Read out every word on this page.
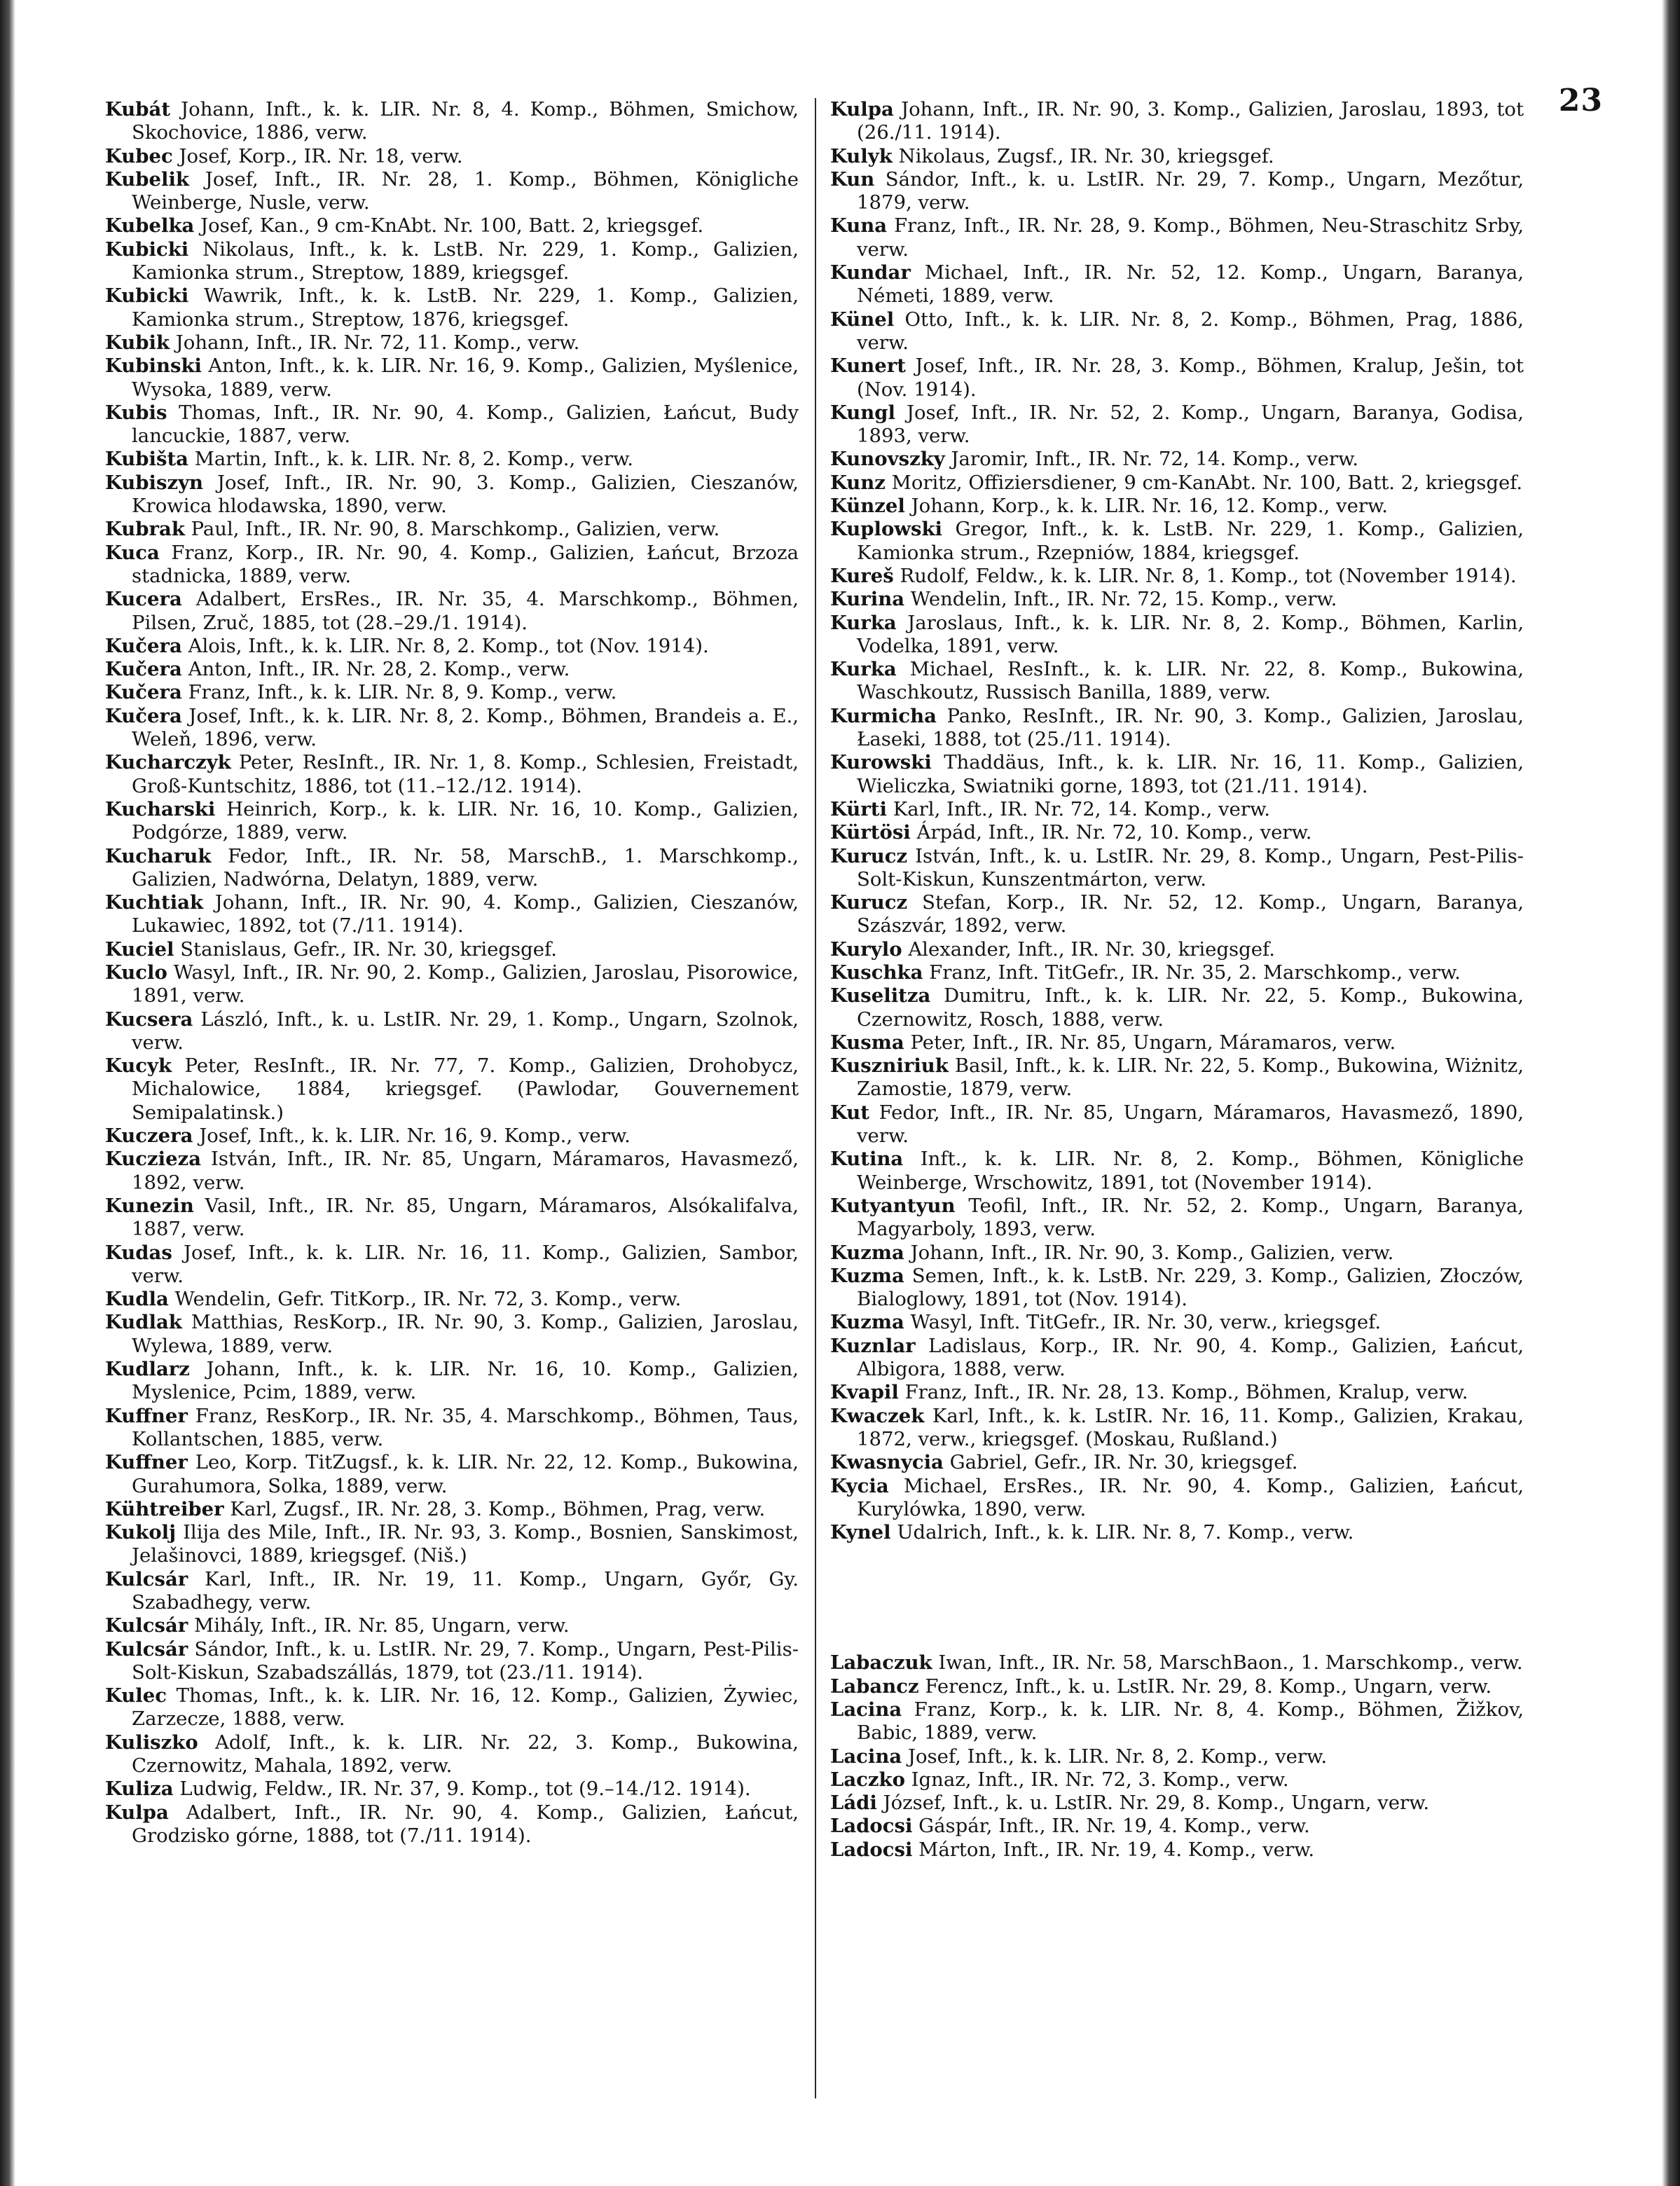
23

Kubát Johann, Inft., k. k. LIR. Nr. 8, 4. Komp., Böhmen, Smichow, Skochovice, 1886, verw.

Kubec Josef, Korp., IR. Nr. 18, verw.

Kubelik Josef, Inft., IR. Nr. 28, 1. Komp., Böhmen, Königliche Weinberge, Nusle, verw.

Kubelka Josef, Kan., 9 cm-KnAbt. Nr. 100, Batt. 2, kriegsgef.

Kubicki Nikolaus, Inft., k. k. LstB. Nr. 229, 1. Komp., Galizien, Kamionka strum., Streptow, 1889, kriegsgef.

Kubicki Wawrik, Inft., k. k. LstB. Nr. 229, 1. Komp., Galizien, Kamionka strum., Streptow, 1876, kriegsgef.

Kubik Johann, Inft., IR. Nr. 72, 11. Komp., verw.

Kubinski Anton, Inft., k. k. LIR. Nr. 16, 9. Komp., Galizien, Myślenice, Wysoka, 1889, verw.

Kubis Thomas, Inft., IR. Nr. 90, 4. Komp., Galizien, Łańcut, Budy lancuckie, 1887, verw.

Kubišta Martin, Inft., k. k. LIR. Nr. 8, 2. Komp., verw.

Kubiszyn Josef, Inft., IR. Nr. 90, 3. Komp., Galizien, Cieszanów, Krowica hlodawska, 1890, verw.

Kubrak Paul, Inft., IR. Nr. 90, 8. Marschkomp., Galizien, verw.

Kuca Franz, Korp., IR. Nr. 90, 4. Komp., Galizien, Łańcut, Brzoza stadnicka, 1889, verw.

Kucera Adalbert, ErsRes., IR. Nr. 35, 4. Marschkomp., Böhmen, Pilsen, Zruč, 1885, tot (28.–29./1. 1914).

Kučera Alois, Inft., k. k. LIR. Nr. 8, 2. Komp., tot (Nov. 1914).

Kučera Anton, Inft., IR. Nr. 28, 2. Komp., verw.

Kučera Franz, Inft., k. k. LIR. Nr. 8, 9. Komp., verw.

Kučera Josef, Inft., k. k. LIR. Nr. 8, 2. Komp., Böhmen, Brandeis a. E., Weleň, 1896, verw.

Kucharczyk Peter, ResInft., IR. Nr. 1, 8. Komp., Schlesien, Freistadt, Groß-Kuntschitz, 1886, tot (11.–12./12. 1914).

Kucharski Heinrich, Korp., k. k. LIR. Nr. 16, 10. Komp., Galizien, Podgórze, 1889, verw.

Kucharuk Fedor, Inft., IR. Nr. 58, MarschB., 1. Marschkomp., Galizien, Nadwórna, Delatyn, 1889, verw.

Kuchtiak Johann, Inft., IR. Nr. 90, 4. Komp., Galizien, Cieszanów, Lukawiec, 1892, tot (7./11. 1914).

Kuciel Stanislaus, Gefr., IR. Nr. 30, kriegsgef.

Kuclo Wasyl, Inft., IR. Nr. 90, 2. Komp., Galizien, Jaroslau, Pisorowice, 1891, verw.

Kucsera László, Inft., k. u. LstIR. Nr. 29, 1. Komp., Ungarn, Szolnok, verw.

Kucyk Peter, ResInft., IR. Nr. 77, 7. Komp., Galizien, Drohobycz, Michalowice, 1884, kriegsgef. (Pawlodar, Gouvernement Semipalatinsk.)

Kuczera Josef, Inft., k. k. LIR. Nr. 16, 9. Komp., verw.

Kuczieza István, Inft., IR. Nr. 85, Ungarn, Máramaros, Havasmező, 1892, verw.

Kunezin Vasil, Inft., IR. Nr. 85, Ungarn, Máramaros, Alsókalifalva, 1887, verw.

Kudas Josef, Inft., k. k. LIR. Nr. 16, 11. Komp., Galizien, Sambor, verw.

Kudla Wendelin, Gefr. TitKorp., IR. Nr. 72, 3. Komp., verw.

Kudlak Matthias, ResKorp., IR. Nr. 90, 3. Komp., Galizien, Jaroslau, Wylewa, 1889, verw.

Kudlarz Johann, Inft., k. k. LIR. Nr. 16, 10. Komp., Galizien, Myslenice, Pcim, 1889, verw.

Kuffner Franz, ResKorp., IR. Nr. 35, 4. Marschkomp., Böhmen, Taus, Kollantschen, 1885, verw.

Kuffner Leo, Korp. TitZugsf., k. k. LIR. Nr. 22, 12. Komp., Bukowina, Gurahumora, Solka, 1889, verw.

Kühtreiber Karl, Zugsf., IR. Nr. 28, 3. Komp., Böhmen, Prag, verw.

Kukolj Ilija des Mile, Inft., IR. Nr. 93, 3. Komp., Bosnien, Sanskimost, Jelašinovci, 1889, kriegsgef. (Niš.)

Kulcsár Karl, Inft., IR. Nr. 19, 11. Komp., Ungarn, Győr, Gy. Szabadhegy, verw.

Kulcsár Mihály, Inft., IR. Nr. 85, Ungarn, verw.

Kulcsár Sándor, Inft., k. u. LstIR. Nr. 29, 7. Komp., Ungarn, Pest-Pilis-Solt-Kiskun, Szabadszállás, 1879, tot (23./11. 1914).

Kulec Thomas, Inft., k. k. LIR. Nr. 16, 12. Komp., Galizien, Żywiec, Zarzecze, 1888, verw.

Kuliszko Adolf, Inft., k. k. LIR. Nr. 22, 3. Komp., Bukowina, Czernowitz, Mahala, 1892, verw.

Kuliza Ludwig, Feldw., IR. Nr. 37, 9. Komp., tot (9.–14./12. 1914).

Kulpa Adalbert, Inft., IR. Nr. 90, 4. Komp., Galizien, Łańcut, Grodzisko górne, 1888, tot (7./11. 1914).

Kulpa Johann, Inft., IR. Nr. 90, 3. Komp., Galizien, Jaroslau, 1893, tot (26./11. 1914).

Kulyk Nikolaus, Zugsf., IR. Nr. 30, kriegsgef.

Kun Sándor, Inft., k. u. LstIR. Nr. 29, 7. Komp., Ungarn, Mezőtur, 1879, verw.

Kuna Franz, Inft., IR. Nr. 28, 9. Komp., Böhmen, Neu-Straschitz Srby, verw.

Kundar Michael, Inft., IR. Nr. 52, 12. Komp., Ungarn, Baranya, Németi, 1889, verw.

Künel Otto, Inft., k. k. LIR. Nr. 8, 2. Komp., Böhmen, Prag, 1886, verw.

Kunert Josef, Inft., IR. Nr. 28, 3. Komp., Böhmen, Kralup, Ješin, tot (Nov. 1914).

Kungl Josef, Inft., IR. Nr. 52, 2. Komp., Ungarn, Baranya, Godisa, 1893, verw.

Kunovszky Jaromir, Inft., IR. Nr. 72, 14. Komp., verw.

Kunz Moritz, Offiziersdiener, 9 cm-KanAbt. Nr. 100, Batt. 2, kriegsgef.

Künzel Johann, Korp., k. k. LIR. Nr. 16, 12. Komp., verw.

Kuplowski Gregor, Inft., k. k. LstB. Nr. 229, 1. Komp., Galizien, Kamionka strum., Rzepniów, 1884, kriegsgef.

Kureš Rudolf, Feldw., k. k. LIR. Nr. 8, 1. Komp., tot (November 1914).

Kurina Wendelin, Inft., IR. Nr. 72, 15. Komp., verw.

Kurka Jaroslaus, Inft., k. k. LIR. Nr. 8, 2. Komp., Böhmen, Karlin, Vodelka, 1891, verw.

Kurka Michael, ResInft., k. k. LIR. Nr. 22, 8. Komp., Bukowina, Waschkoutz, Russisch Banilla, 1889, verw.

Kurmicha Panko, ResInft., IR. Nr. 90, 3. Komp., Galizien, Jaroslau, Łaseki, 1888, tot (25./11. 1914).

Kurowski Thaddäus, Inft., k. k. LIR. Nr. 16, 11. Komp., Galizien, Wieliczka, Swiatniki gorne, 1893, tot (21./11. 1914).

Kürti Karl, Inft., IR. Nr. 72, 14. Komp., verw.

Kürtösi Árpád, Inft., IR. Nr. 72, 10. Komp., verw.

Kurucz István, Inft., k. u. LstIR. Nr. 29, 8. Komp., Ungarn, Pest-Pilis-Solt-Kiskun, Kunszentmárton, verw.

Kurucz Stefan, Korp., IR. Nr. 52, 12. Komp., Ungarn, Baranya, Szászvár, 1892, verw.

Kurylo Alexander, Inft., IR. Nr. 30, kriegsgef.

Kuschka Franz, Inft. TitGefr., IR. Nr. 35, 2. Marschkomp., verw.

Kuselitza Dumitru, Inft., k. k. LIR. Nr. 22, 5. Komp., Bukowina, Czernowitz, Rosch, 1888, verw.

Kusma Peter, Inft., IR. Nr. 85, Ungarn, Máramaros, verw.

Kuszniriuk Basil, Inft., k. k. LIR. Nr. 22, 5. Komp., Bukowina, Wiżnitz, Zamostie, 1879, verw.

Kut Fedor, Inft., IR. Nr. 85, Ungarn, Máramaros, Havasmező, 1890, verw.

Kutina Inft., k. k. LIR. Nr. 8, 2. Komp., Böhmen, Königliche Weinberge, Wrschowitz, 1891, tot (November 1914).

Kutyantyun Teofil, Inft., IR. Nr. 52, 2. Komp., Ungarn, Baranya, Magyarboly, 1893, verw.

Kuzma Johann, Inft., IR. Nr. 90, 3. Komp., Galizien, verw.

Kuzma Semen, Inft., k. k. LstB. Nr. 229, 3. Komp., Galizien, Złoczów, Bialoglowy, 1891, tot (Nov. 1914).

Kuzma Wasyl, Inft. TitGefr., IR. Nr. 30, verw., kriegsgef.

Kuznlar Ladislaus, Korp., IR. Nr. 90, 4. Komp., Galizien, Łańcut, Albigora, 1888, verw.

Kvapil Franz, Inft., IR. Nr. 28, 13. Komp., Böhmen, Kralup, verw.

Kwaczek Karl, Inft., k. k. LstIR. Nr. 16, 11. Komp., Galizien, Krakau, 1872, verw., kriegsgef. (Moskau, Rußland.)

Kwasnycia Gabriel, Gefr., IR. Nr. 30, kriegsgef.

Kycia Michael, ErsRes., IR. Nr. 90, 4. Komp., Galizien, Łańcut, Kurylówka, 1890, verw.

Kynel Udalrich, Inft., k. k. LIR. Nr. 8, 7. Komp., verw.

Labaczuk Iwan, Inft., IR. Nr. 58, MarschBaon., 1. Marschkomp., verw.

Labancz Ferencz, Inft., k. u. LstIR. Nr. 29, 8. Komp., Ungarn, verw.

Lacina Franz, Korp., k. k. LIR. Nr. 8, 4. Komp., Böhmen, Žižkov, Babic, 1889, verw.

Lacina Josef, Inft., k. k. LIR. Nr. 8, 2. Komp., verw.

Laczko Ignaz, Inft., IR. Nr. 72, 3. Komp., verw.

Ládi József, Inft., k. u. LstIR. Nr. 29, 8. Komp., Ungarn, verw.

Ladocsi Gáspár, Inft., IR. Nr. 19, 4. Komp., verw.

Ladocsi Márton, Inft., IR. Nr. 19, 4. Komp., verw.
